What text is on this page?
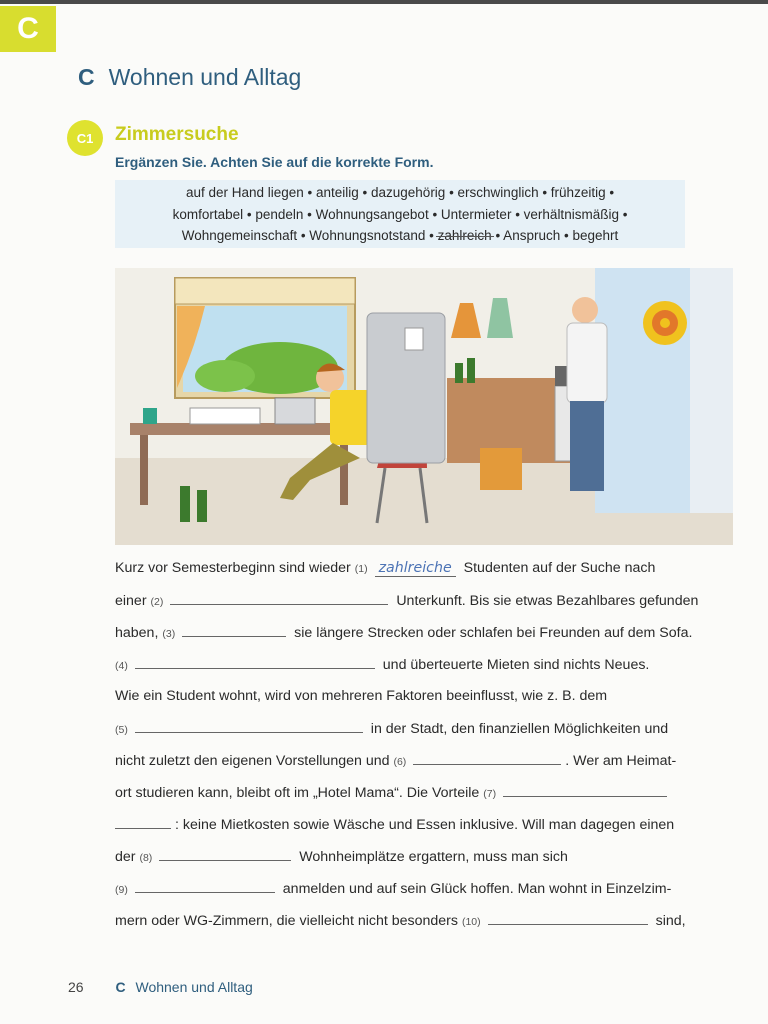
C
C Wohnen und Alltag
C1	Zimmersuche
Ergänzen Sie. Achten Sie auf die korrekte Form.
auf der Hand liegen • anteilig • dazugehörig • erschwinglich • frühzeitig •
komfortabel • pendeln • Wohnungsangebot • Untermieter • verhältnismäßig •
Wohngemeinschaft • Wohnungsnotstand • zahlreich • Anspruch • begehrt
Kurz vor Semesterbeginn sind wieder (1) zahlreiche Studenten auf der Suche nach
einer (2)	Unterkunft. Bis sie etwas Bezahlbares gefunden
haben, (3)	sie längere Strecken oder schlafen bei Freunden auf dem Sofa.
(4)	und überteuerte Mieten sind nichts Neues.
Wie ein Student wohnt, wird von mehreren Faktoren beeinflusst, wie z. B. dem
(5)	in der Stadt, den finanziellen Möglichkeiten und
nicht zuletzt den eigenen Vorstellungen und (6)	. Wer am Heimat-
ort studieren kann, bleibt oft im „Hotel Mama“. Die Vorteile (7)
: keine Mietkosten sowie Wäsche und Essen inklusive. Will man dagegen einen
der (8)	Wohnheimplätze ergattern, muss man sich
(9)	anmelden und auf sein Glück hoffen. Man wohnt in Einzelzim-
mern oder WG-Zimmern, die vielleicht nicht besonders (10)	sind,
26 C Wohnen und Alltag
